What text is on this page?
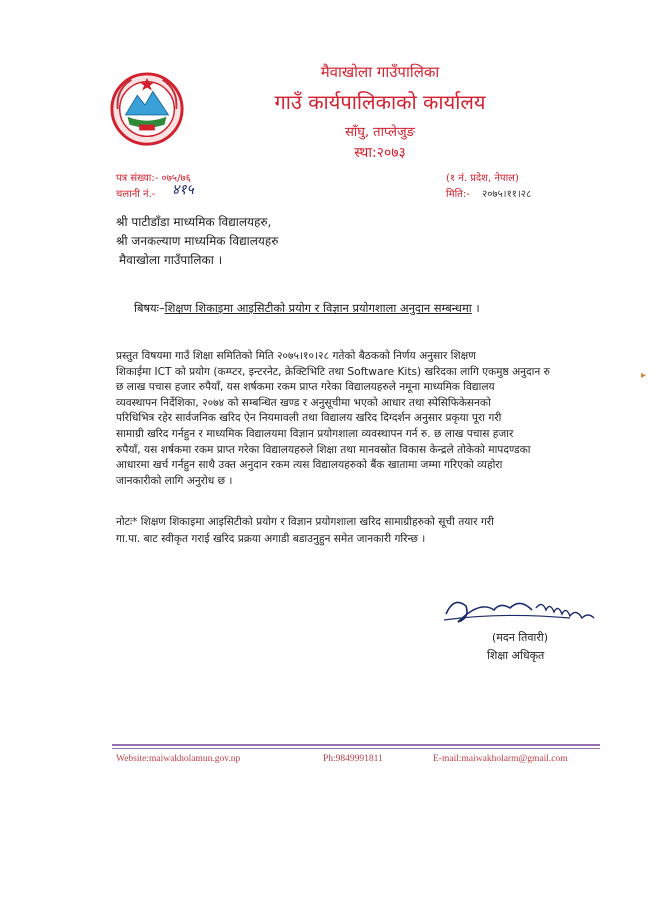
मैवाखोला गाउँपालिका
गाउँ कार्यपालिकाको कार्यालय
साँघु, ताप्लेजुङ
स्था:२०७३
पत्र संख्या:- ०७५/७६
चलानी नं.- ४१५
(१ नं. प्रदेश, नेपाल)
मिति:- २०७५।११।२८
श्री पाटीडाँडा माध्यमिक विद्यालयहरु,
श्री जनकल्याण माध्यमिक विद्यालयहरु
मैवाखोला गाउँपालिका ।
बिषयः–शिक्षण शिकाइमा आइसिटीको प्रयोग र विज्ञान प्रयोगशाला अनुदान सम्बन्धमा ।

प्रस्तुत विषयमा गाउँ शिक्षा समितिको मिति २०७५।१०।२८ गतेको बैठकको निर्णय अनुसार शिक्षण

शिकाईमा ICT को प्रयोग (कम्प्टर, इन्टरनेट, क्रेक्टिभिटि तथा Software Kits) खरिदका लागि एकमुष्ठ अनुदान रु

छ लाख पचास हजार रुपैयाँ, यस शर्षकमा रकम प्राप्त गरेका विद्यालयहरुले नमूना माध्यमिक विद्यालय

व्यवस्थापन निर्देशिका, २०७४ को सम्बन्धित खण्ड र अनुसूचीमा भएको आधार तथा स्पेसिफिकेसनको

परिधिभित्र रहेर सार्वजनिक खरिद ऐन नियमावली तथा विद्यालय खरिद दिग्दर्शन अनुसार प्रकृया पूरा गरी

सामाग्री खरिद गर्नहुन र माध्यमिक विद्यालयमा विज्ञान प्रयोगशाला व्यवस्थापन गर्न रु. छ लाख पचास हजार

रुपैयाँ, यस शर्षकमा रकम प्राप्त गरेका विद्यालयहरुले शिक्षा तथा मानवस्रोत विकास केन्द्रले तोकेको मापदण्डका

आधारमा खर्च गर्नहुन साथै उक्त अनुदान रकम त्यस विद्यालयहरुको बैंक खातामा जम्मा गरिएको व्यहोरा

जानकारीको लागि अनुरोध छ ।

नोटः* शिक्षण शिकाइमा आइसिटीको प्रयोग र विज्ञान प्रयोगशाला खरिद सामाग्रीहरुको सूची तयार गरी
गा.पा. बाट स्वीकृत गराई खरिद प्रक्रया अगाडी बडाउनुहुन समेत जानकारी गरिन्छ ।
(मदन तिवारी)
शिक्षा अधिकृत
▸
Website:maiwakholamun.gov.np	Ph:9849991811	E-mail:maiwakholarm@gmail.com
